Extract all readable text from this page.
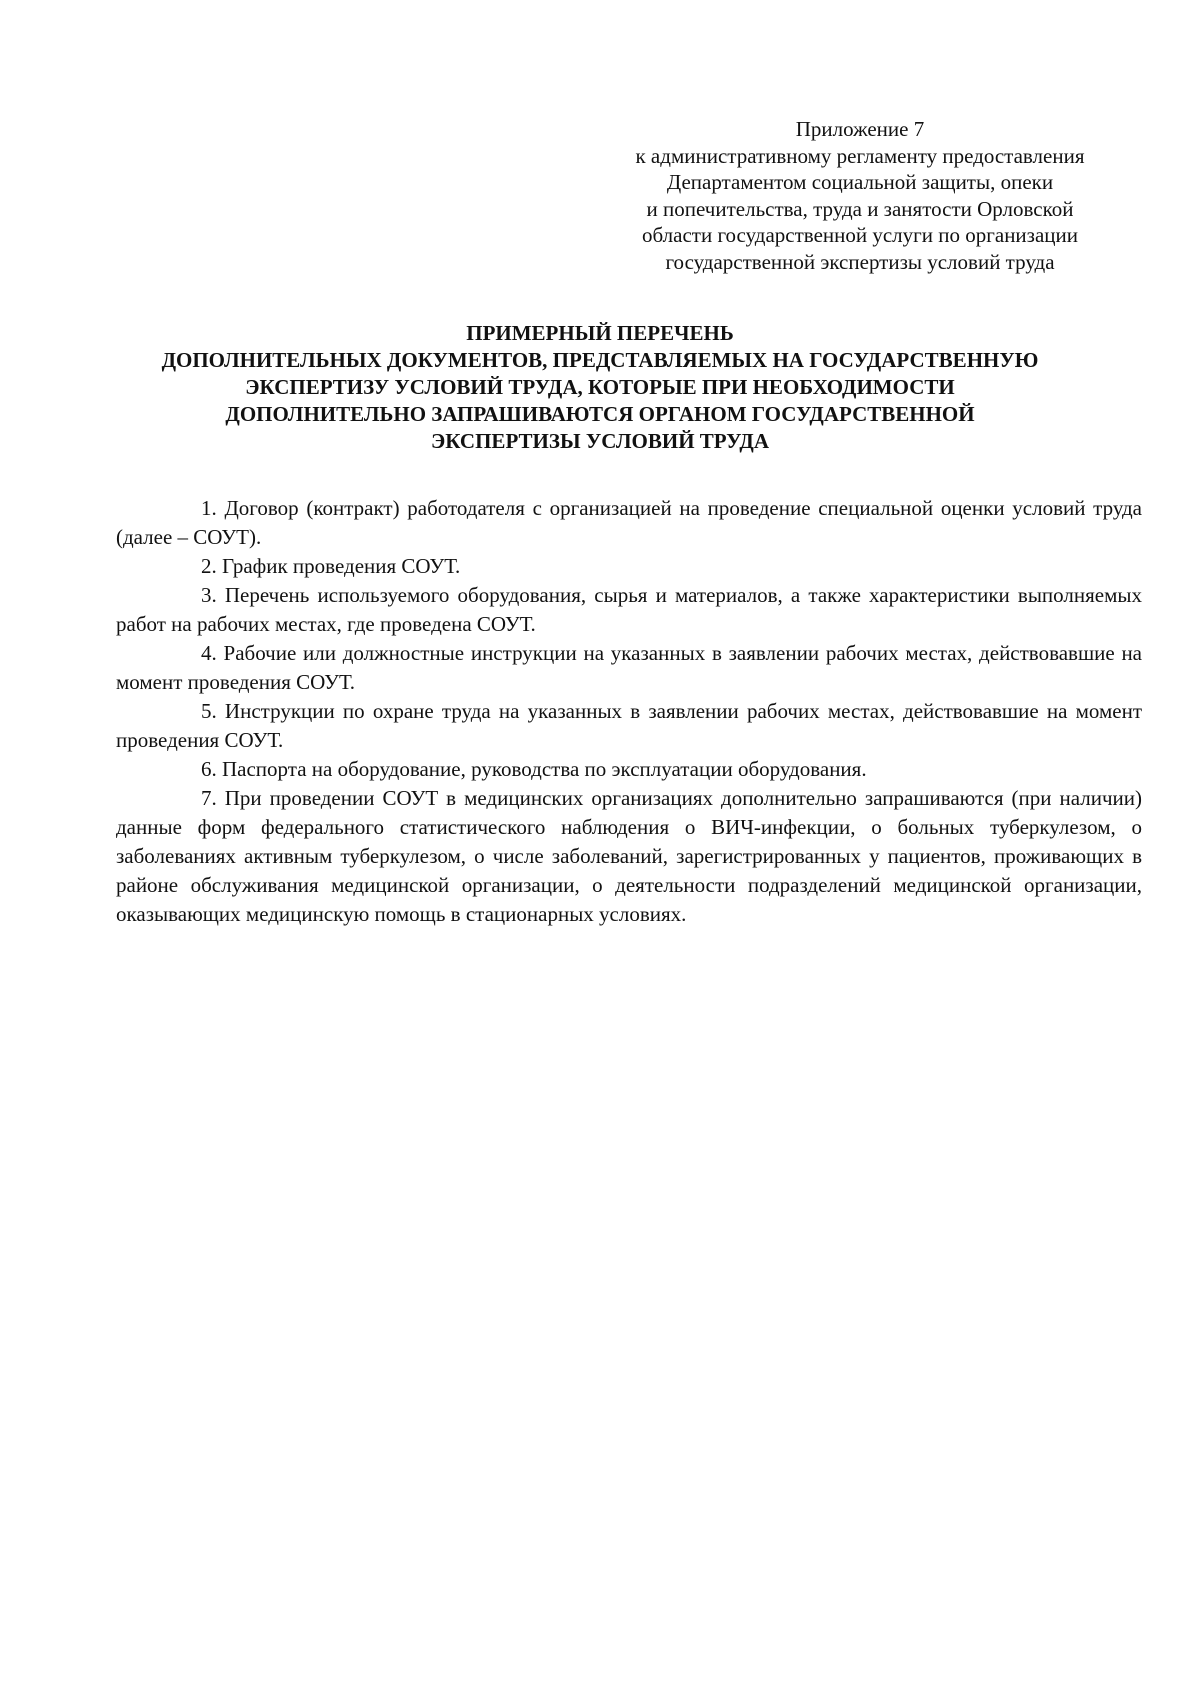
Приложение 7
к административному регламенту предоставления
Департаментом социальной защиты, опеки
и попечительства, труда и занятости Орловской
области государственной услуги по организации
государственной экспертизы условий труда
ПРИМЕРНЫЙ ПЕРЕЧЕНЬ
ДОПОЛНИТЕЛЬНЫХ ДОКУМЕНТОВ, ПРЕДСТАВЛЯЕМЫХ НА ГОСУДАРСТВЕННУЮ
ЭКСПЕРТИЗУ УСЛОВИЙ ТРУДА, КОТОРЫЕ ПРИ НЕОБХОДИМОСТИ
ДОПОЛНИТЕЛЬНО ЗАПРАШИВАЮТСЯ ОРГАНОМ ГОСУДАРСТВЕННОЙ
ЭКСПЕРТИЗЫ УСЛОВИЙ ТРУДА

1. Договор (контракт) работодателя с организацией на проведение специальной оценки условий труда (далее – СОУТ).

2. График проведения СОУТ.

3. Перечень используемого оборудования, сырья и материалов, а также характеристики выполняемых работ на рабочих местах, где проведена СОУТ.

4. Рабочие или должностные инструкции на указанных в заявлении рабочих местах, действовавшие на момент проведения СОУТ.

5. Инструкции по охране труда на указанных в заявлении рабочих местах, действовавшие на момент проведения СОУТ.

6. Паспорта на оборудование, руководства по эксплуатации оборудования.

7. При проведении СОУТ в медицинских организациях дополнительно запрашиваются (при наличии) данные форм федерального статистического наблюдения о ВИЧ-инфекции, о больных туберкулезом, о заболеваниях активным туберкулезом, о числе заболеваний, зарегистрированных у пациентов, проживающих в районе обслуживания медицинской организации, о деятельности подразделений медицинской организации, оказывающих медицинскую помощь в стационарных условиях.
